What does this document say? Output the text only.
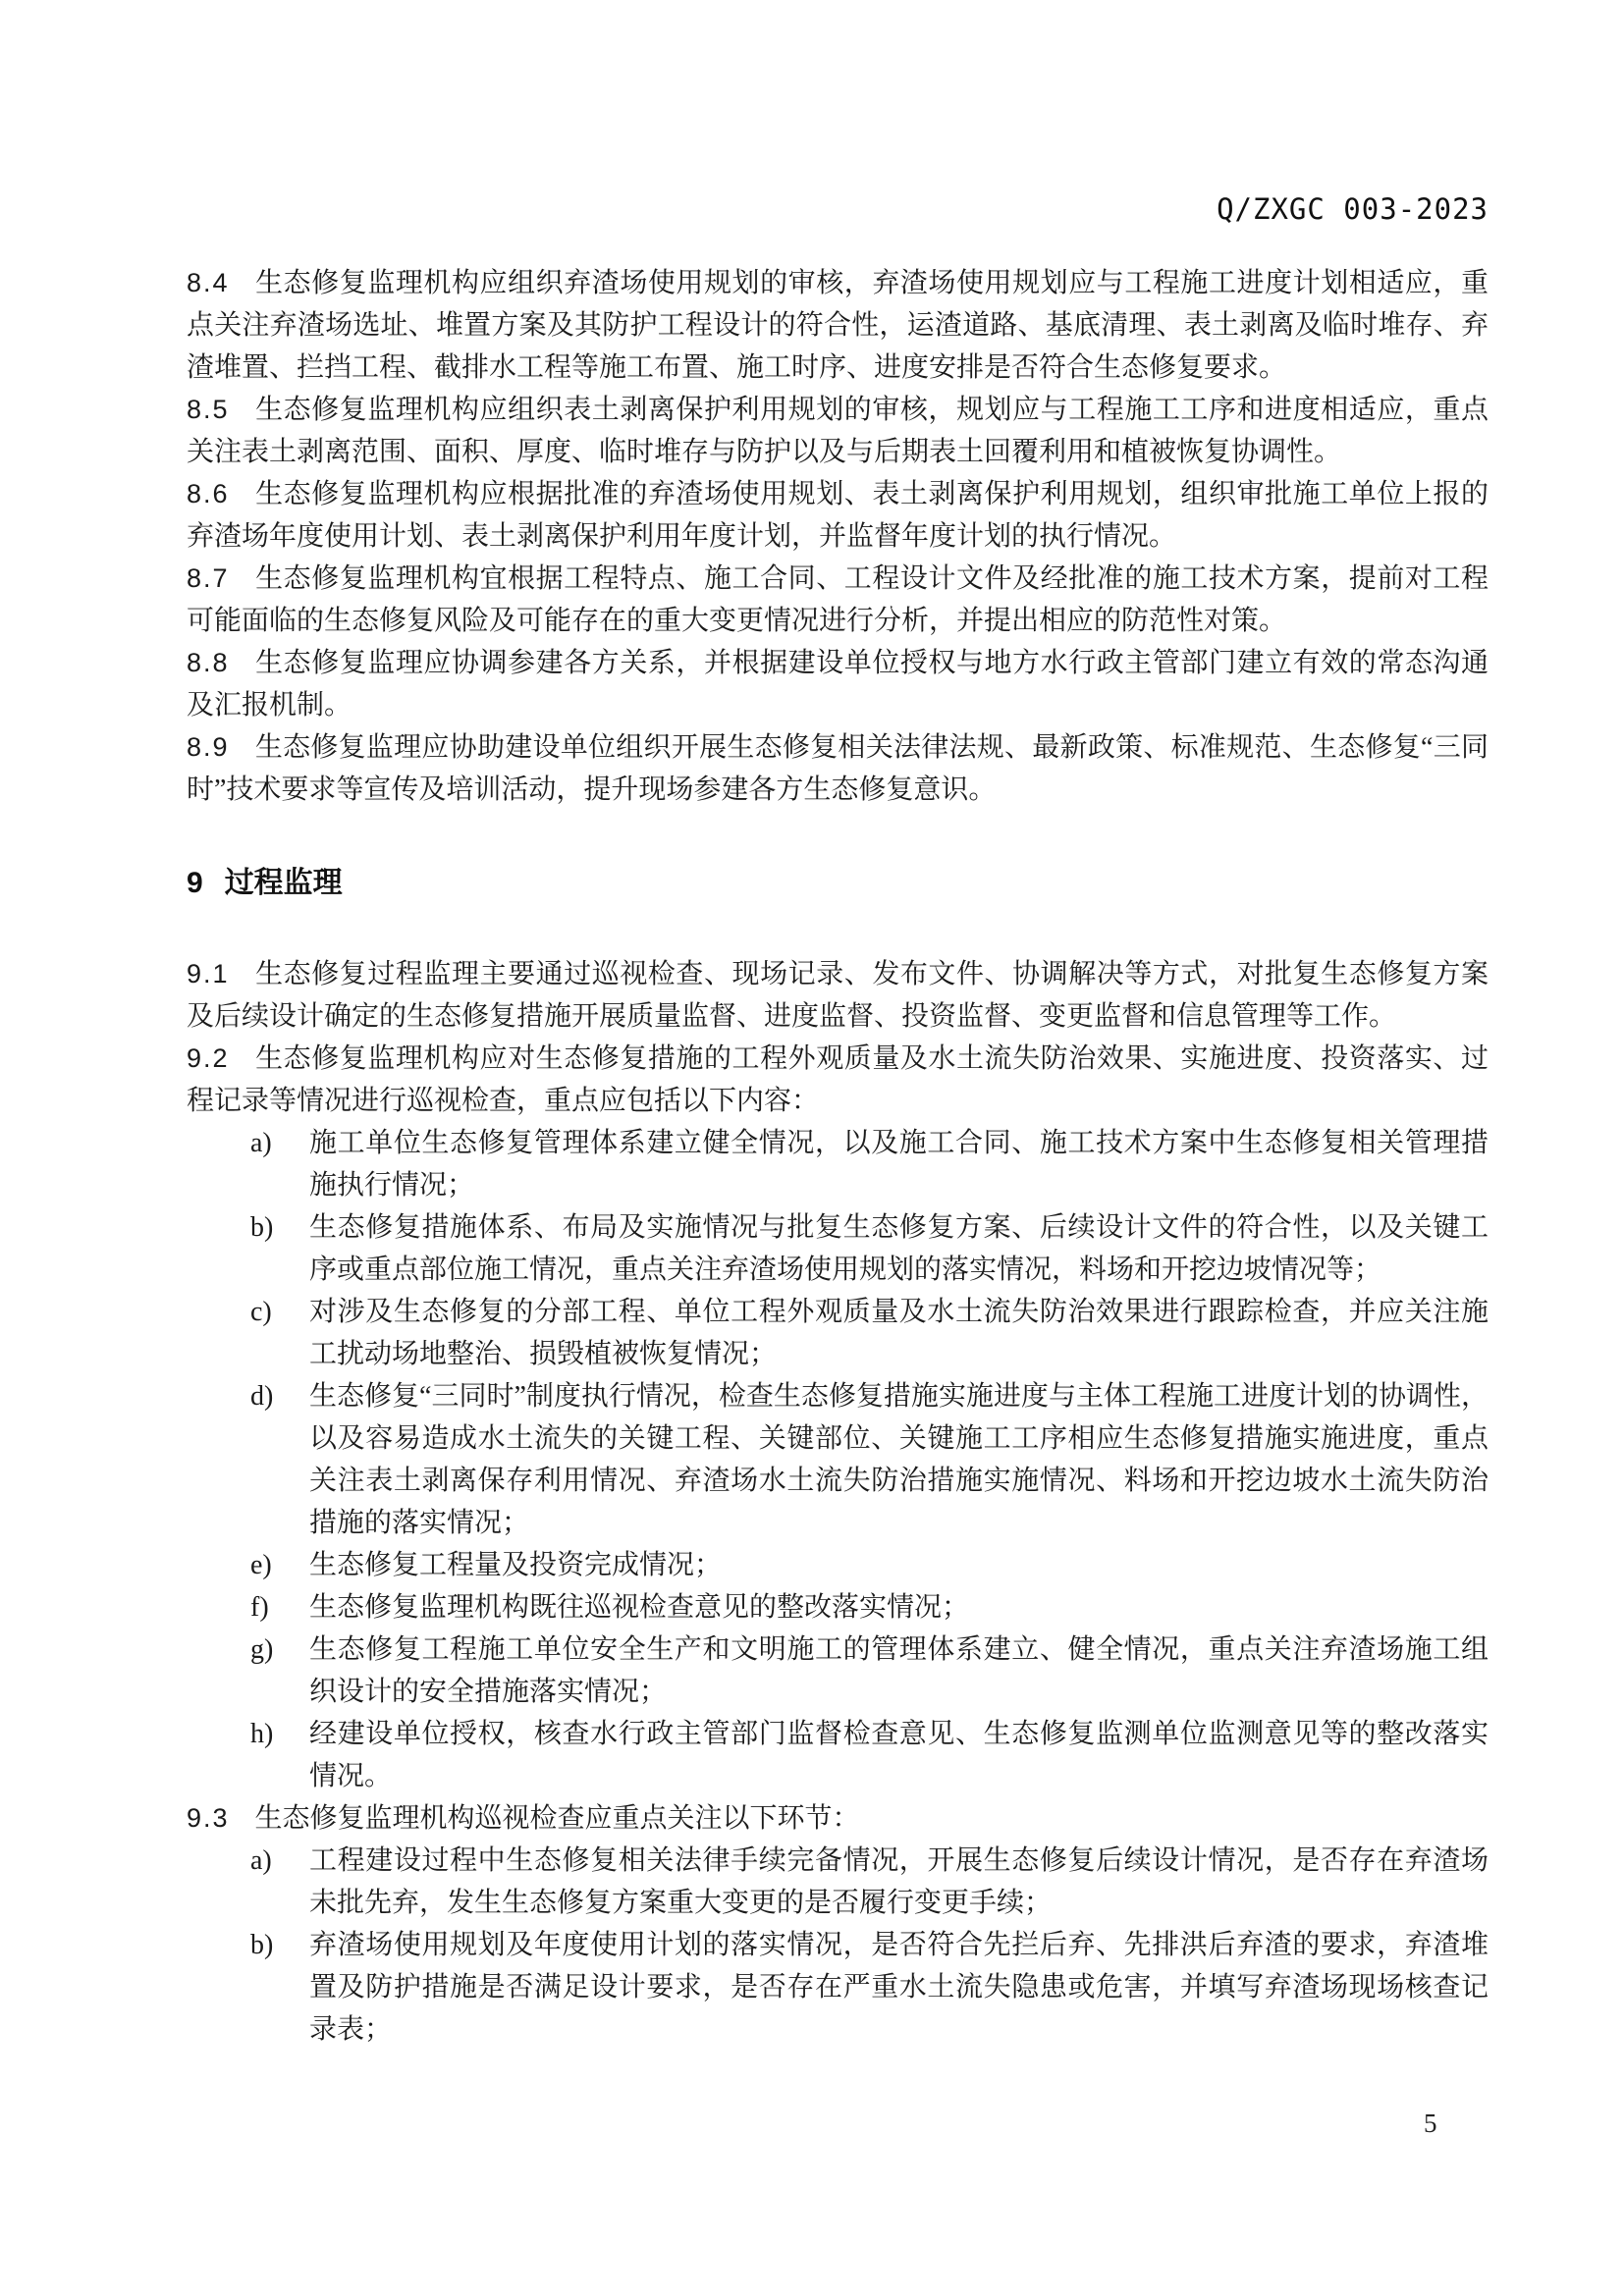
Q/ZXGC 003-2023

8.4 生态修复监理机构应组织弃渣场使用规划的审核，弃渣场使用规划应与工程施工进度计划相适应，重点关注弃渣场选址、堆置方案及其防护工程设计的符合性，运渣道路、基底清理、表土剥离及临时堆存、弃渣堆置、拦挡工程、截排水工程等施工布置、施工时序、进度安排是否符合生态修复要求。

8.5 生态修复监理机构应组织表土剥离保护利用规划的审核，规划应与工程施工工序和进度相适应，重点关注表土剥离范围、面积、厚度、临时堆存与防护以及与后期表土回覆利用和植被恢复协调性。

8.6 生态修复监理机构应根据批准的弃渣场使用规划、表土剥离保护利用规划，组织审批施工单位上报的弃渣场年度使用计划、表土剥离保护利用年度计划，并监督年度计划的执行情况。

8.7 生态修复监理机构宜根据工程特点、施工合同、工程设计文件及经批准的施工技术方案，提前对工程可能面临的生态修复风险及可能存在的重大变更情况进行分析，并提出相应的防范性对策。

8.8 生态修复监理应协调参建各方关系，并根据建设单位授权与地方水行政主管部门建立有效的常态沟通及汇报机制。

8.9 生态修复监理应协助建设单位组织开展生态修复相关法律法规、最新政策、标准规范、生态修复“三同时”技术要求等宣传及培训活动，提升现场参建各方生态修复意识。

9 过程监理

9.1 生态修复过程监理主要通过巡视检查、现场记录、发布文件、协调解决等方式，对批复生态修复方案及后续设计确定的生态修复措施开展质量监督、进度监督、投资监督、变更监督和信息管理等工作。

9.2 生态修复监理机构应对生态修复措施的工程外观质量及水土流失防治效果、实施进度、投资落实、过程记录等情况进行巡视检查，重点应包括以下内容：

a) 施工单位生态修复管理体系建立健全情况，以及施工合同、施工技术方案中生态修复相关管理措施执行情况；
b) 生态修复措施体系、布局及实施情况与批复生态修复方案、后续设计文件的符合性，以及关键工序或重点部位施工情况，重点关注弃渣场使用规划的落实情况，料场和开挖边坡情况等；
c) 对涉及生态修复的分部工程、单位工程外观质量及水土流失防治效果进行跟踪检查，并应关注施工扰动场地整治、损毁植被恢复情况；
d) 生态修复“三同时”制度执行情况，检查生态修复措施实施进度与主体工程施工进度计划的协调性，以及容易造成水土流失的关键工程、关键部位、关键施工工序相应生态修复措施实施进度，重点关注表土剥离保存利用情况、弃渣场水土流失防治措施实施情况、料场和开挖边坡水土流失防治措施的落实情况；
e) 生态修复工程量及投资完成情况；
f) 生态修复监理机构既往巡视检查意见的整改落实情况；
g) 生态修复工程施工单位安全生产和文明施工的管理体系建立、健全情况，重点关注弃渣场施工组织设计的安全措施落实情况；
h) 经建设单位授权，核查水行政主管部门监督检查意见、生态修复监测单位监测意见等的整改落实情况。

9.3 生态修复监理机构巡视检查应重点关注以下环节：

a) 工程建设过程中生态修复相关法律手续完备情况，开展生态修复后续设计情况，是否存在弃渣场未批先弃，发生生态修复方案重大变更的是否履行变更手续；
b) 弃渣场使用规划及年度使用计划的落实情况，是否符合先拦后弃、先排洪后弃渣的要求，弃渣堆置及防护措施是否满足设计要求，是否存在严重水土流失隐患或危害，并填写弃渣场现场核查记录表；
5
